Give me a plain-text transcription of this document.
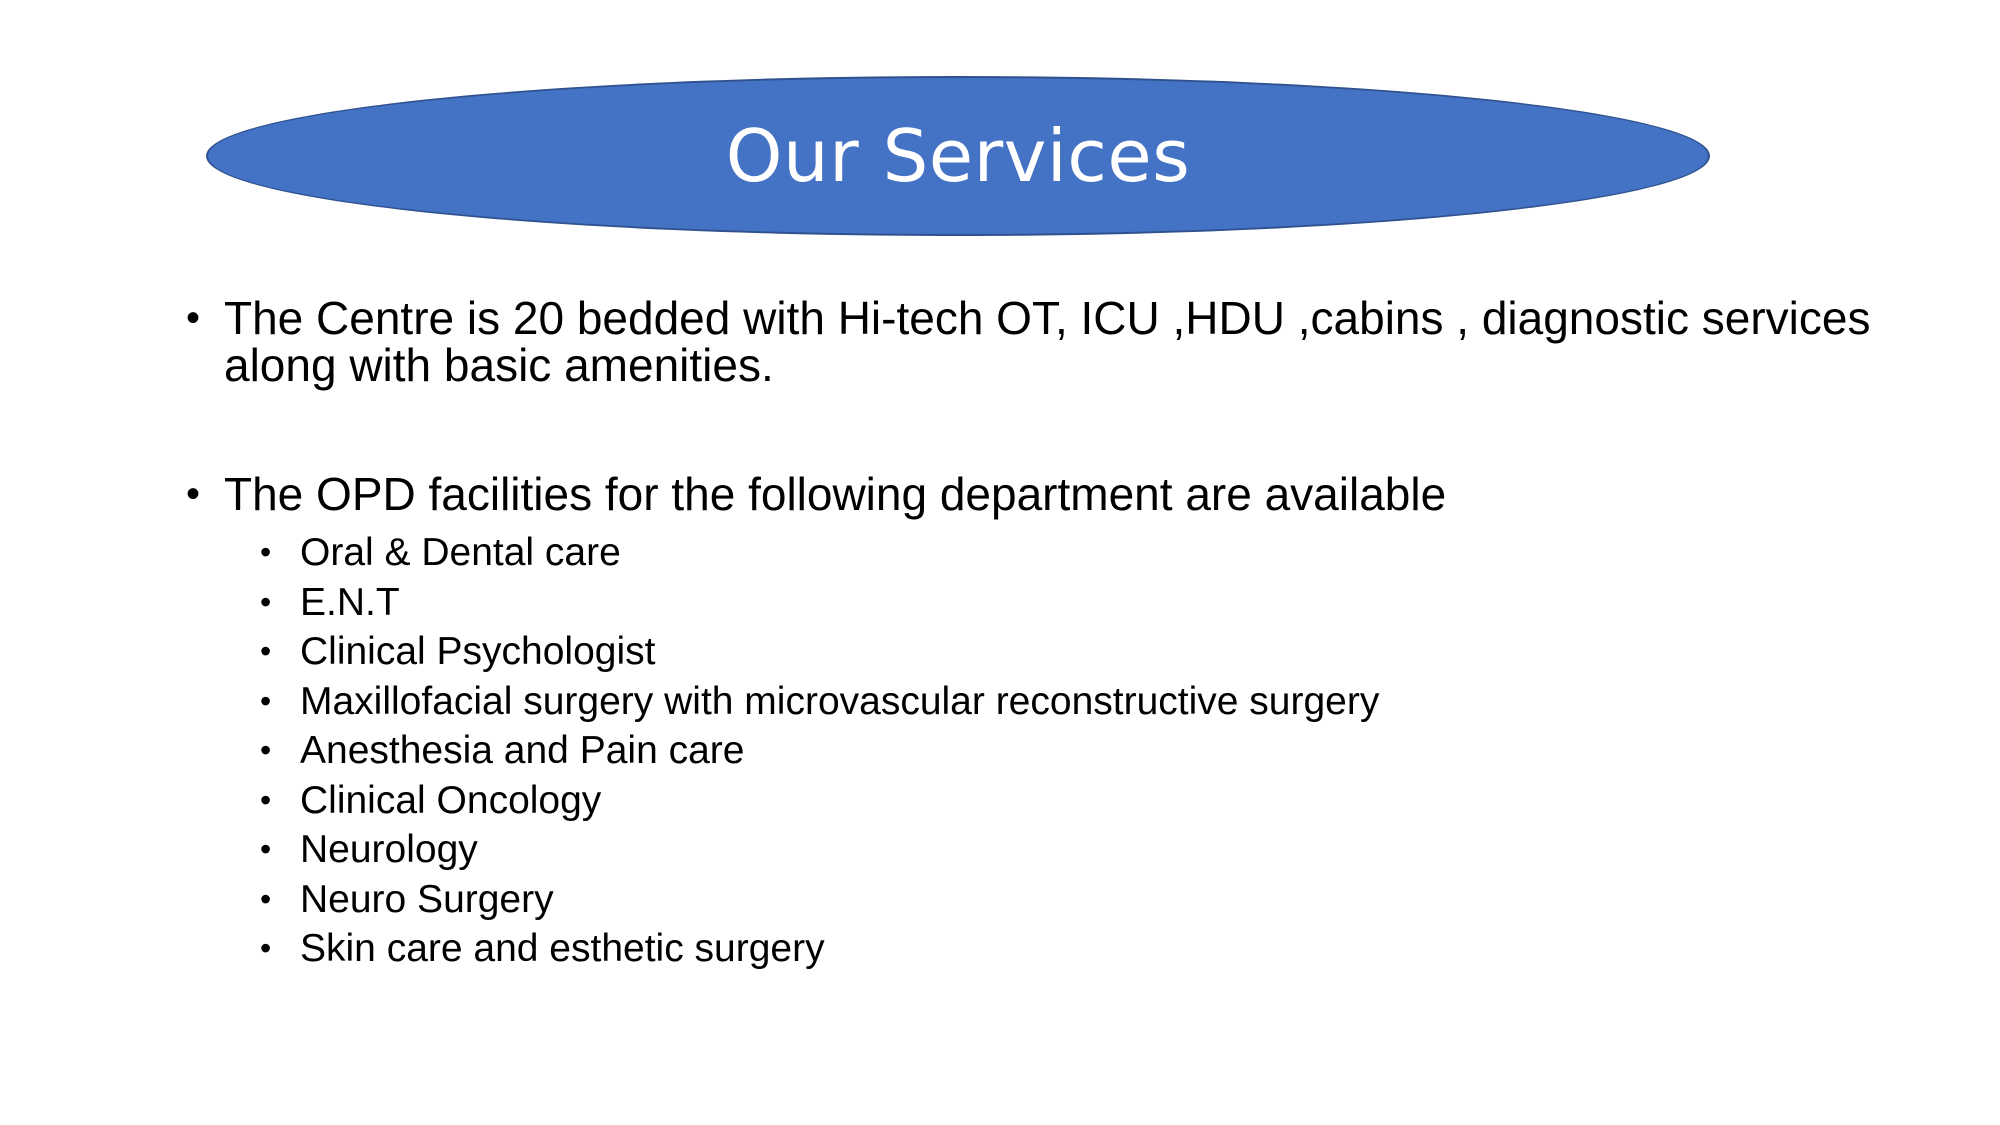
Our Services

• The Centre is 20 bedded with Hi-tech OT, ICU ,HDU ,cabins , diagnostic services along with basic amenities.

• The OPD facilities for the following department are available

• Oral & Dental care
• E.N.T
• Clinical Psychologist
• Maxillofacial surgery with microvascular reconstructive surgery
• Anesthesia and Pain care
• Clinical Oncology
• Neurology
• Neuro Surgery
• Skin care and esthetic surgery
